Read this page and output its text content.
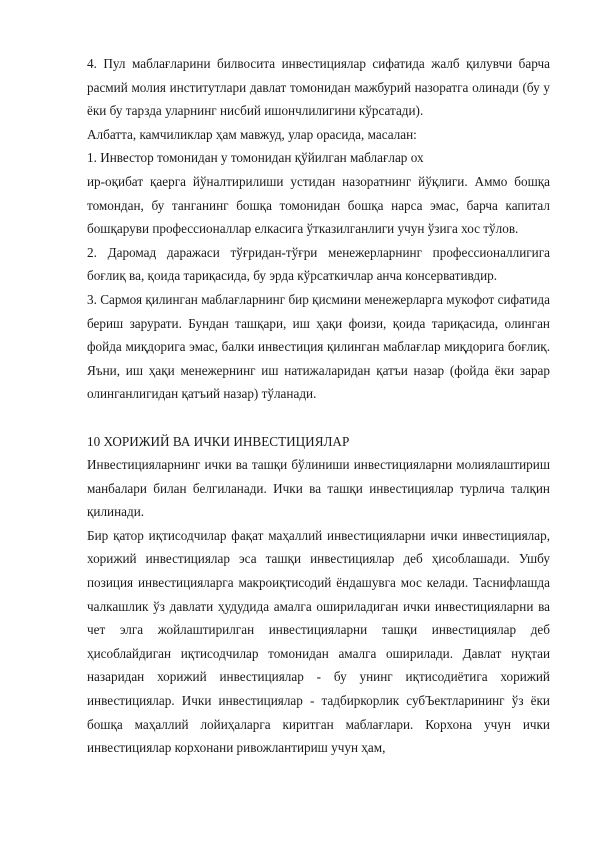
4. Пул маблағларини билвосита инвестициялар сифатида жалб қилувчи барча расмий молия институтлари давлат томонидан мажбурий назоратга олинади (бу у ёки бу тарзда уларнинг нисбий ишончлилигини кўрсатади).

Албатта, камчиликлар ҳам мавжуд, улар орасида, масалан:

1. Инвестор томонидан у томонидан қўйилган маблағлар ох

ир-оқибат қаерга йўналтирилиши устидан назоратнинг йўқлиги. Аммо бошқа томондан, бу танганинг бошқа томонидан бошқа нарса эмас, барча капитал бошқаруви профессионаллар елкасига ўтказилганлиги учун ўзига хос тўлов.

2. Даромад даражаси тўғридан-тўғри менежерларнинг профессионаллигига боғлиқ ва, қоида тариқасида, бу эрда кўрсаткичлар анча консервативдир.

3. Сармоя қилинган маблағларнинг бир қисмини менежерларга мукофот сифатида бериш зарурати. Бундан ташқари, иш ҳақи фоизи, қоида тариқасида, олинган фойда миқдорига эмас, балки инвестиция қилинган маблағлар миқдорига боғлиқ. Яъни, иш ҳақи менежернинг иш натижаларидан қатъи назар (фойда ёки зарар олинганлигидан қатъий назар) тўланади.

10 ХОРИЖИЙ ВА ИЧКИ ИНВЕСТИЦИЯЛАР

Инвестицияларнинг ички ва ташқи бўлиниши инвестицияларни молиялаштириш манбалари билан белгиланади. Ички ва ташқи инвестициялар турлича талқин қилинади.

Бир қатор иқтисодчилар фақат маҳаллий инвестицияларни ички инвестициялар, хорижий инвестициялар эса ташқи инвестициялар деб ҳисоблашади. Ушбу позиция инвестицияларга макроиқтисодий ёндашувга мос келади. Таснифлашда чалкашлик ўз давлати ҳудудида амалга ошириладиган ички инвестицияларни ва чет элга жойлаштирилган инвестицияларни ташқи инвестициялар деб ҳисоблайдиган иқтисодчилар томонидан амалга оширилади. Давлат нуқтаи назаридан хорижий инвестициялар - бу унинг иқтисодиётига хорижий инвестициялар. Ички инвестициялар - тадбиркорлик субЪектларининг ўз ёки бошқа маҳаллий лойиҳаларга киритган маблағлари. Корхона учун ички инвестициялар корхонани ривожлантириш учун ҳам,
